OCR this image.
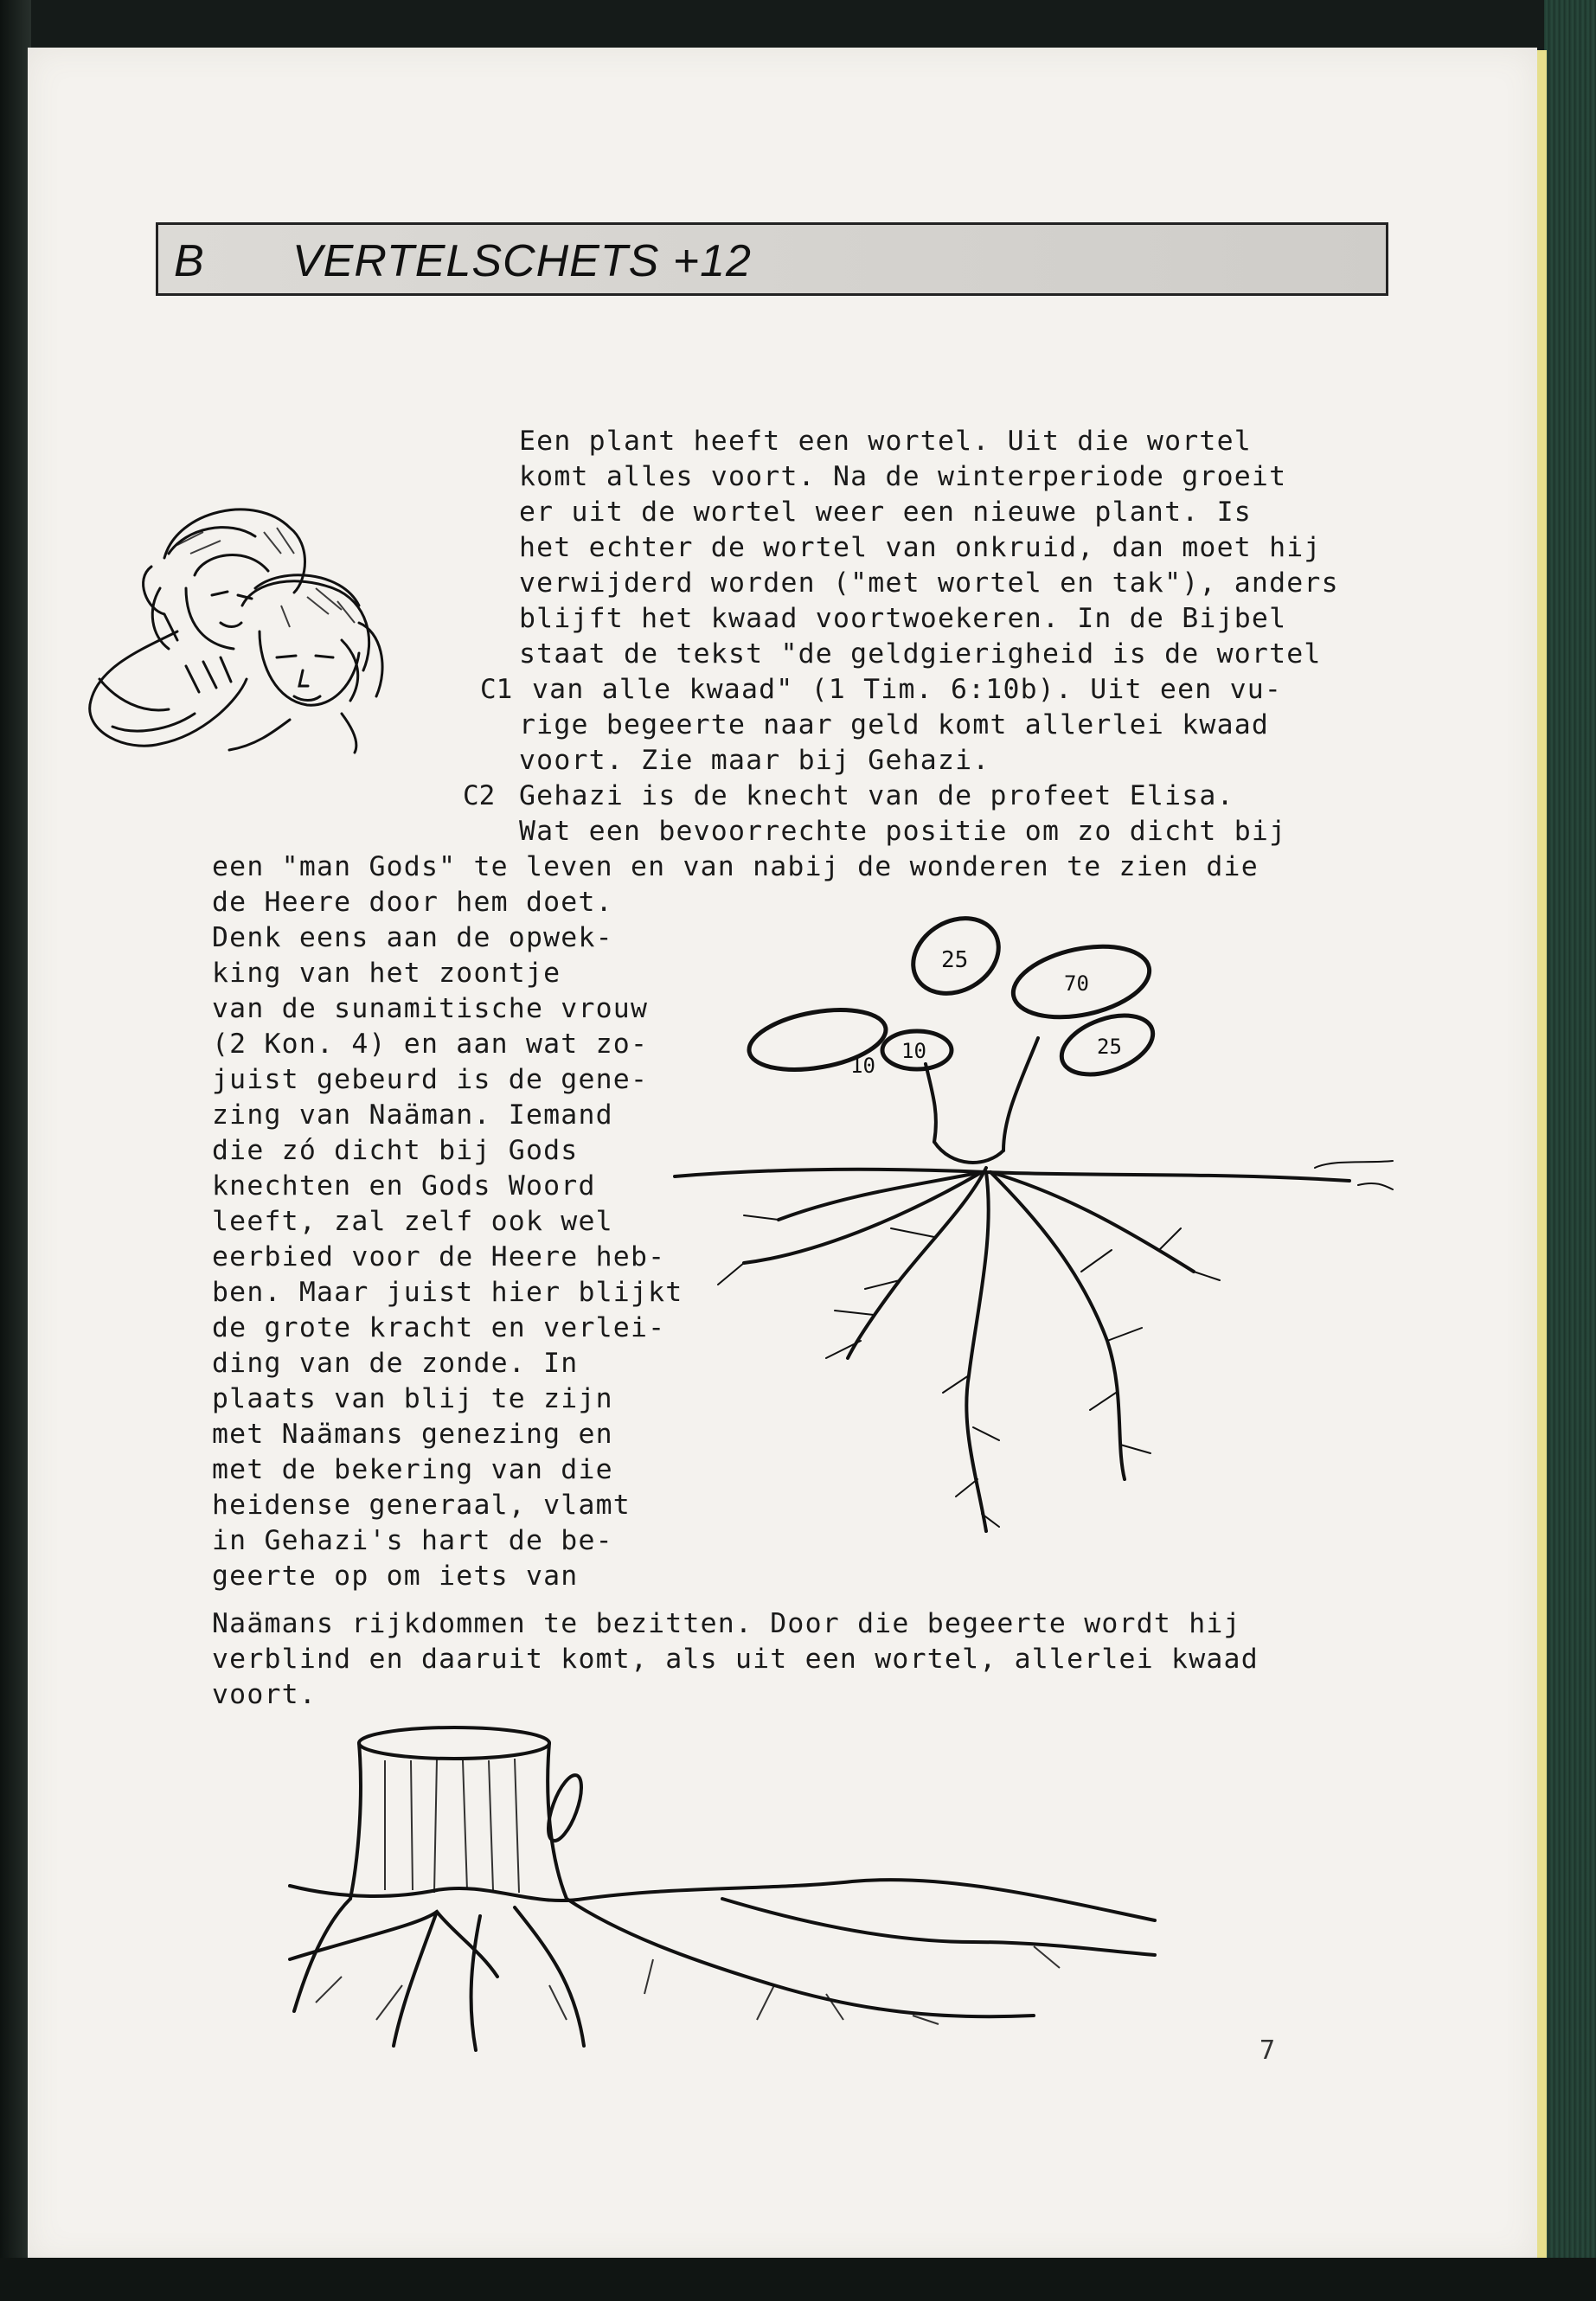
B VERTELSCHETS +12
25
10
10
70
25
Een plant heeft een wortel. Uit die wortel
komt alles voort. Na de winterperiode groeit
er uit de wortel weer een nieuwe plant. Is
het echter de wortel van onkruid, dan moet hij
verwijderd worden ("met wortel en tak"), anders
blijft het kwaad voortwoekeren. In de Bijbel
staat de tekst "de geldgierigheid is de wortel
C1 van alle kwaad" (1 Tim. 6:10b). Uit een vu-
rige begeerte naar geld komt allerlei kwaad
voort. Zie maar bij Gehazi.
C2 Gehazi is de knecht van de profeet Elisa.
Wat een bevoorrechte positie om zo dicht bij
een "man Gods" te leven en van nabij de wonderen te zien die
de Heere door hem doet.
Denk eens aan de opwek-
king van het zoontje
van de sunamitische vrouw
(2 Kon. 4) en aan wat zo-
juist gebeurd is de gene-
zing van Naäman. Iemand
die zó dicht bij Gods
knechten en Gods Woord
leeft, zal zelf ook wel
eerbied voor de Heere heb-
ben. Maar juist hier blijkt
de grote kracht en verlei-
ding van de zonde. In
plaats van blij te zijn
met Naämans genezing en
met de bekering van die
heidense generaal, vlamt
in Gehazi's hart de be-
geerte op om iets van
Naämans rijkdommen te bezitten. Door die begeerte wordt hij
verblind en daaruit komt, als uit een wortel, allerlei kwaad
voort.
7
